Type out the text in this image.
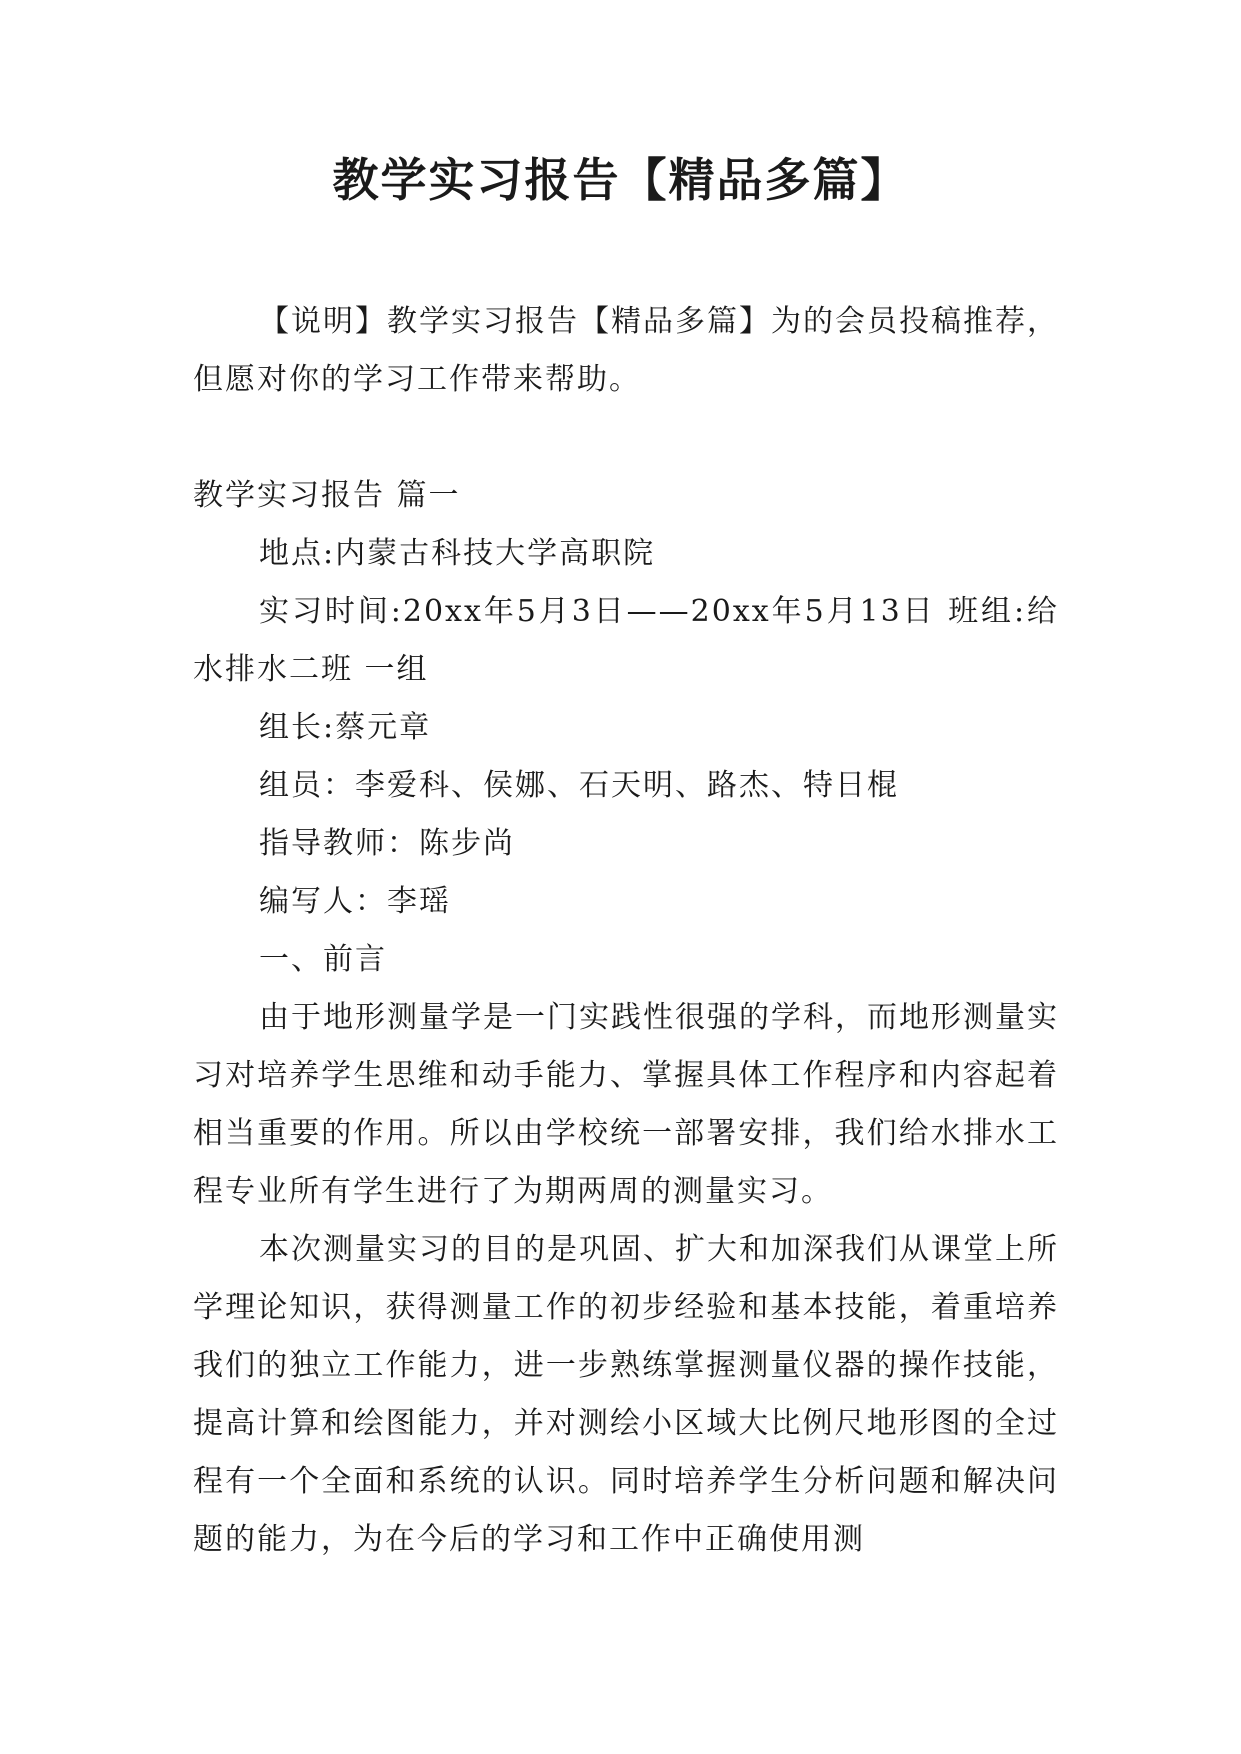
教学实习报告【精品多篇】

【说明】教学实习报告【精品多篇】为的会员投稿推荐，但愿对你的学习工作带来帮助。

教学实习报告 篇一

地点:内蒙古科技大学高职院

实习时间:20xx年5月3日——20xx年5月13日 班组:给水排水二班 一组

组长:蔡元章

组员：李爱科、侯娜、石天明、路杰、特日棍

指导教师：陈步尚

编写人：李瑶

一、前言

由于地形测量学是一门实践性很强的学科，而地形测量实习对培养学生思维和动手能力、掌握具体工作程序和内容起着相当重要的作用。所以由学校统一部署安排，我们给水排水工程专业所有学生进行了为期两周的测量实习。

本次测量实习的目的是巩固、扩大和加深我们从课堂上所学理论知识，获得测量工作的初步经验和基本技能，着重培养我们的独立工作能力，进一步熟练掌握测量仪器的操作技能，提高计算和绘图能力，并对测绘小区域大比例尺地形图的全过程有一个全面和系统的认识。同时培养学生分析问题和解决问题的能力，为在今后的学习和工作中正确使用测
